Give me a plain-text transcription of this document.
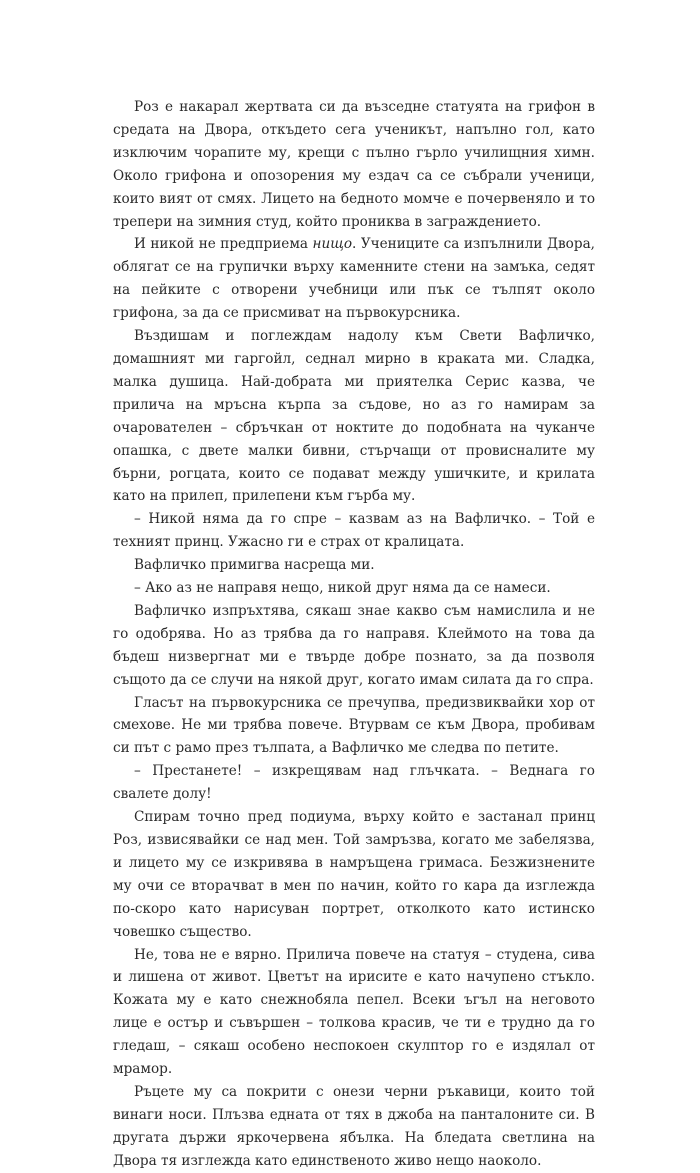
Роз е накарал жертвата си да възседне статуята на грифон в средата на Двора, откъдето сега ученикът, напълно гол, като изключим чорапите му, крещи с пълно гърло училищния химн. Около грифона и опозорения му ездач са се събрали ученици, които вият от смях. Лицето на бедното момче е почервеняло и то трепери на зимния студ, който прониква в заграждението.

И никой не предприема нищо. Учениците са изпълнили Двора, облягат се на групички върху каменните стени на замъка, седят на пейките с отворени учебници или пък се тълпят около грифона, за да се присмиват на първокурсника.

Въздишам и поглеждам надолу към Свети Вафличко, домашният ми гаргойл, седнал мирно в краката ми. Сладка, малка душица. Най-добрата ми приятелка Серис казва, че прилича на мръсна кърпа за съдове, но аз го намирам за очарователен – сбръчкан от ноктите до подобната на чуканче опашка, с двете малки бивни, стърчащи от провисналите му бърни, рогцата, които се подават между ушичките, и крилата като на прилеп, прилепени към гърба му.

– Никой няма да го спре – казвам аз на Вафличко. – Той е техният принц. Ужасно ги е страх от кралицата.

Вафличко примигва насреща ми.

– Ако аз не направя нещо, никой друг няма да се намеси.

Вафличко изпръхтява, сякаш знае какво съм намислила и не го одобрява. Но аз трябва да го направя. Клеймото на това да бъдеш низвергнат ми е твърде добре познато, за да позволя същото да се случи на някой друг, когато имам силата да го спра.

Гласът на първокурсника се пречупва, предизвиквайки хор от смехове. Не ми трябва повече. Втурвам се към Двора, пробивам си път с рамо през тълпата, а Вафличко ме следва по петите.

– Престанете! – изкрещявам над глъчката. – Веднага го свалете долу!

Спирам точно пред подиума, върху който е застанал принц Роз, извисявайки се над мен. Той замръзва, когато ме забелязва, и лицето му се изкривява в намръщена гримаса. Безжизнените му очи се вторачват в мен по начин, който го кара да изглежда по-скоро като нарисуван портрет, отколкото като истинско човешко същество.

Не, това не е вярно. Прилича повече на статуя – студена, сива и лишена от живот. Цветът на ирисите е като начупено стъкло. Кожата му е като снежнобяла пепел. Всеки ъгъл на неговото лице е остър и съвършен – толкова красив, че ти е трудно да го гледаш, – сякаш особено неспокоен скулптор го е издялал от мрамор.

Ръцете му са покрити с онези черни ръкавици, които той винаги носи. Плъзва едната от тях в джоба на панталоните си. В другата държи яркочервена ябълка. На бледата светлина на Двора тя изглежда като единственото живо нещо наоколо.
